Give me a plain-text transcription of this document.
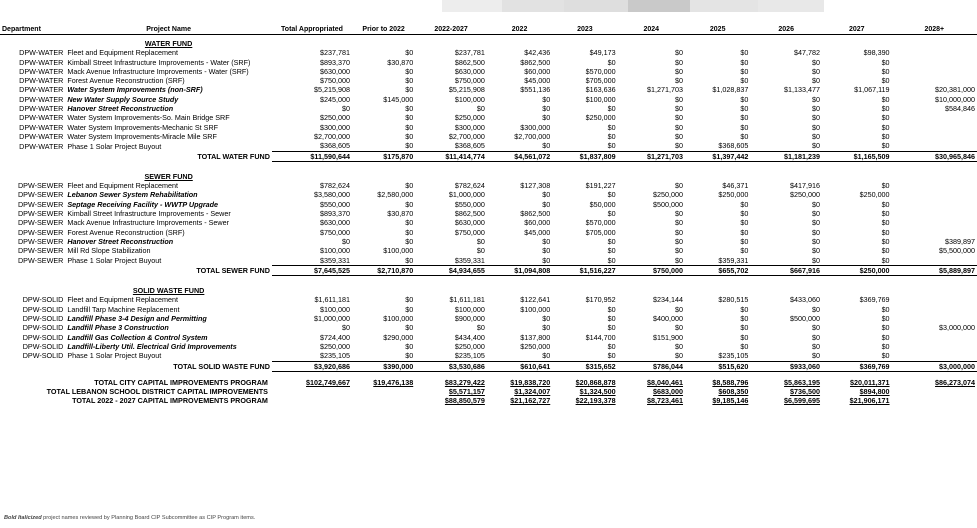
Department	Project Name	Total Appropriated	Prior to 2022	2022-2027	2022	2023	2024	2025	2026	2027	2028+
	WATER FUND										
DPW-WATER	Fleet and Equipment Replacement	$237,781	$0	$237,781	$42,436	$49,173	$0	$0	$47,782	$98,390	
DPW-WATER	Kimball Street Infrastructure Improvements - Water (SRF)	$893,370	$30,870	$862,500	$862,500	$0	$0	$0	$0	$0	
DPW-WATER	Mack Avenue Infrastructure Improvements - Water (SRF)	$630,000	$0	$630,000	$60,000	$570,000	$0	$0	$0	$0	
DPW-WATER	Forest Avenue Reconstruction (SRF)	$750,000	$0	$750,000	$45,000	$705,000	$0	$0	$0	$0	
DPW-WATER	Water System Improvements (non-SRF)	$5,215,908	$0	$5,215,908	$551,136	$163,636	$1,271,703	$1,028,837	$1,133,477	$1,067,119	$20,381,000
DPW-WATER	New Water Supply Source Study	$245,000	$145,000	$100,000	$0	$100,000	$0	$0	$0	$0	$10,000,000
DPW-WATER	Hanover Street Reconstruction	$0	$0	$0	$0	$0	$0	$0	$0	$0	$584,846
DPW-WATER	Water System Improvements-So. Main Bridge SRF	$250,000	$0	$250,000	$0	$250,000	$0	$0	$0	$0	
DPW-WATER	Water System Improvements-Mechanic St SRF	$300,000	$0	$300,000	$300,000	$0	$0	$0	$0	$0	
DPW-WATER	Water System Improvements-Miracle Mile SRF	$2,700,000	$0	$2,700,000	$2,700,000	$0	$0	$0	$0	$0	
DPW-WATER	Phase 1 Solar Project Buyout	$368,605	$0	$368,605	$0	$0	$0	$368,605	$0	$0	
	TOTAL WATER FUND	$11,590,644	$175,870	$11,414,774	$4,561,072	$1,837,809	$1,271,703	$1,397,442	$1,181,239	$1,165,509	$30,965,846

	SEWER FUND										
DPW-SEWER	Fleet and Equipment Replacement	$782,624	$0	$782,624	$127,308	$191,227	$0	$46,371	$417,916	$0	
DPW-SEWER	Lebanon Sewer System Rehabilitation	$3,580,000	$2,580,000	$1,000,000	$0	$0	$250,000	$250,000	$250,000	$250,000	
DPW-SEWER	Septage Receiving Facility - WWTP Upgrade	$550,000	$0	$550,000	$0	$50,000	$500,000	$0	$0	$0	
DPW-SEWER	Kimball Street Infrastructure Improvements - Sewer	$893,370	$30,870	$862,500	$862,500	$0	$0	$0	$0	$0	
DPW-SEWER	Mack Avenue Infrastructure Improvements - Sewer	$630,000	$0	$630,000	$60,000	$570,000	$0	$0	$0	$0	
DPW-SEWER	Forest Avenue Reconstruction (SRF)	$750,000	$0	$750,000	$45,000	$705,000	$0	$0	$0	$0	
DPW-SEWER	Hanover Street Reconstruction	$0	$0	$0	$0	$0	$0	$0	$0	$0	$389,897
DPW-SEWER	Mill Rd Slope Stabilization	$100,000	$100,000	$0	$0	$0	$0	$0	$0	$0	$5,500,000
DPW-SEWER	Phase 1 Solar Project Buyout	$359,331	$0	$359,331	$0	$0	$0	$359,331	$0	$0	
	TOTAL SEWER FUND	$7,645,525	$2,710,870	$4,934,655	$1,094,808	$1,516,227	$750,000	$655,702	$667,916	$250,000	$5,889,897

	SOLID WASTE FUND										
DPW-SOLID	Fleet and Equipment Replacement	$1,611,181	$0	$1,611,181	$122,641	$170,952	$234,144	$280,515	$433,060	$369,769	
DPW-SOLID	Landfill Tarp Machine Replacement	$100,000	$0	$100,000	$100,000	$0	$0	$0	$0	$0	
DPW-SOLID	Landfill Phase 3-4 Design and Permitting	$1,000,000	$100,000	$900,000	$0	$0	$400,000	$0	$500,000	$0	
DPW-SOLID	Landfill Phase 3 Construction	$0	$0	$0	$0	$0	$0	$0	$0	$0	$3,000,000
DPW-SOLID	Landfill Gas Collection & Control System	$724,400	$290,000	$434,400	$137,800	$144,700	$151,900	$0	$0	$0	
DPW-SOLID	Landfill-Liberty Util. Electrical Grid Improvements	$250,000	$0	$250,000	$250,000	$0	$0	$0	$0	$0	
DPW-SOLID	Phase 1 Solar Project Buyout	$235,105	$0	$235,105	$0	$0	$0	$235,105	$0	$0	
	TOTAL SOLID WASTE FUND	$3,920,686	$390,000	$3,530,686	$610,641	$315,652	$786,044	$515,620	$933,060	$369,769	$3,000,000

TOTAL CITY CAPITAL IMPROVEMENTS PROGRAM		$102,749,667	$19,476,138	$83,279,422	$19,838,720	$20,868,878	$8,040,461	$8,588,796	$5,863,195	$20,011,371	$86,273,074
TOTAL LEBANON SCHOOL DISTRICT CAPITAL IMPROVEMENTS				$5,571,157	$1,324,007	$1,324,500	$683,000	$608,350	$736,500	$894,800	
TOTAL 2022 - 2027 CAPITAL IMPROVEMENTS PROGRAM				$88,850,579	$21,162,727	$22,193,378	$8,723,461	$9,185,146	$6,599,695	$21,906,171	
Bold Italicized project names reviewed by Planning Board CIP Subcommittee as CIP Program items.
